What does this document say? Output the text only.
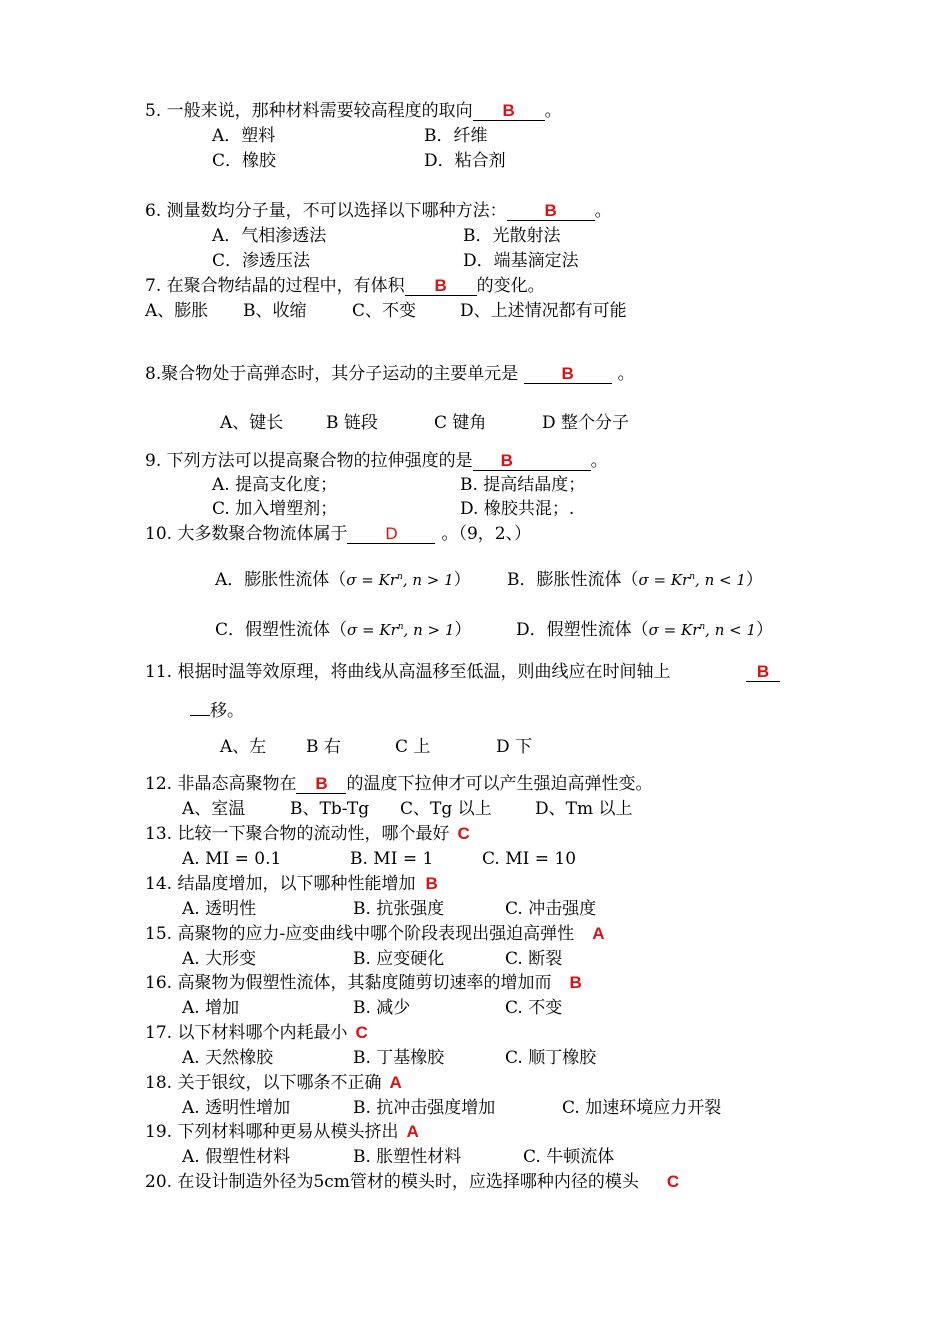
5. 一般来说，那种材料需要较高程度的取向 B 。
A．塑料	B．纤维
C．橡胶	D．粘合剂
6. 测量数均分子量，不可以选择以下哪种方法： B 。
A．气相渗透法	B．光散射法
C．渗透压法	D．端基滴定法
7. 在聚合物结晶的过程中，有体积 B 的变化。
A、膨胀 B、收缩	C、不变	D、上述情况都有可能
8.聚合物处于高弹态时，其分子运动的主要单元是 B	。
A、键长	B 链段	C 键角	D 整个分子
9. 下列方法可以提高聚合物的拉伸强度的是 B	。
A. 提高支化度；	B. 提高结晶度；
C. 加入增塑剂；	D. 橡胶共混；.
10. 大多数聚合物流体属于 D	。（9，2、）
A．膨胀性流体（$\sigma = Kr^n$, n > 1） B．膨胀性流体（$\sigma = Kr^n$, n < 1）
C．假塑性流体（$\sigma = Kr^n$, n > 1）	D．假塑性流体（$\sigma = Kr^n$, n < 1）
11. 根据时温等效原理，将曲线从高温移至低温，则曲线应在时间轴上	B
移。
A、左 B 右	C 上	D 下
12. 非晶态高聚物在 B 的温度下拉伸才可以产生强迫高弹性变。
A、室温	B、Tb-Tg C、Tg 以上	D、Tm 以上
13. 比较一下聚合物的流动性，哪个最好 C
A. MI = 0.1	B. MI = 1	C. MI = 10
14. 结晶度增加，以下哪种性能增加 B
A. 透明性	B. 抗张强度	C. 冲击强度
15. 高聚物的应力-应变曲线中哪个阶段表现出强迫高弹性 A
A. 大形变	B. 应变硬化	C. 断裂
16. 高聚物为假塑性流体，其黏度随剪切速率的增加而 B
A. 增加	B. 减少	C. 不变
17. 以下材料哪个内耗最小 C
A. 天然橡胶	B. 丁基橡胶	C. 顺丁橡胶
18. 关于银纹，以下哪条不正确 A
A. 透明性增加	B. 抗冲击强度增加	C. 加速环境应力开裂
19. 下列材料哪种更易从模头挤出 A
A. 假塑性材料	B. 胀塑性材料	C. 牛顿流体
20. 在设计制造外径为5cm管材的模头时，应选择哪种内径的模头 C
